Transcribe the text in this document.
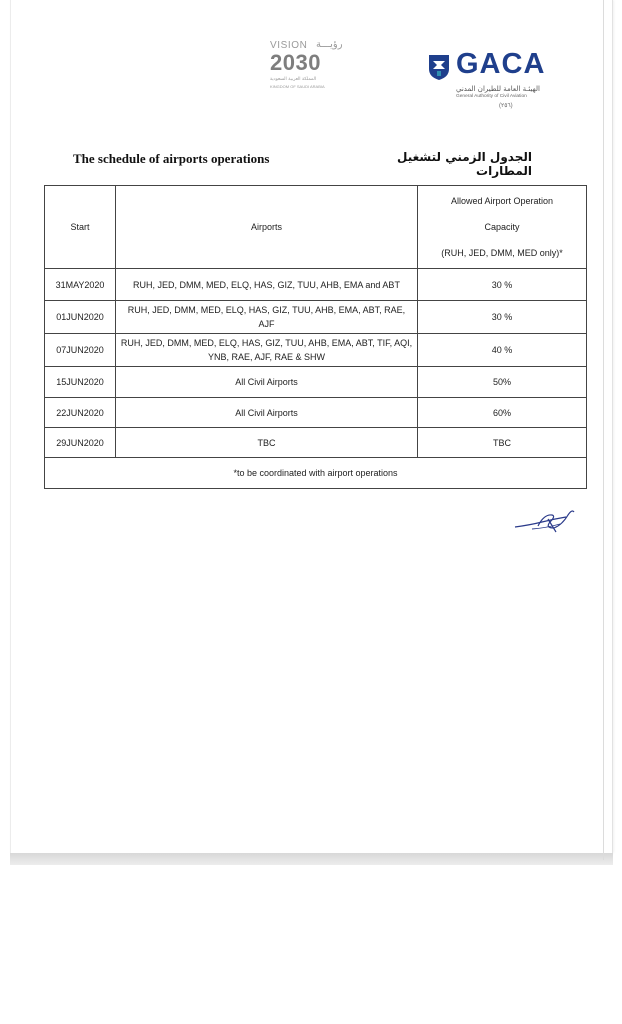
VISION رؤيـــة
2030
المملكة العربية السعودية
KINGDOM OF SAUDI ARABIA
GACA
الهيئـة العامة للطيران المدني
General Authority of Civil Aviation
(٢٥٦)
The schedule of airports operations	الجدول الزمني لتشغيل المطارات
Start	Airports	Allowed Airport Operation
Capacity
(RUH, JED, DMM, MED only)*

31MAY2020	RUH, JED, DMM, MED, ELQ, HAS, GIZ, TUU, AHB, EMA and ABT	30 %
01JUN2020	RUH, JED, DMM, MED, ELQ, HAS, GIZ, TUU, AHB, EMA, ABT, RAE, AJF	30 %
07JUN2020	RUH, JED, DMM, MED, ELQ, HAS, GIZ, TUU, AHB, EMA, ABT, TIF, AQI, YNB, RAE, AJF, RAE & SHW	40 %
15JUN2020	All Civil Airports	50%
22JUN2020	All Civil Airports	60%
29JUN2020	TBC	TBC
*to be coordinated with airport operations		
